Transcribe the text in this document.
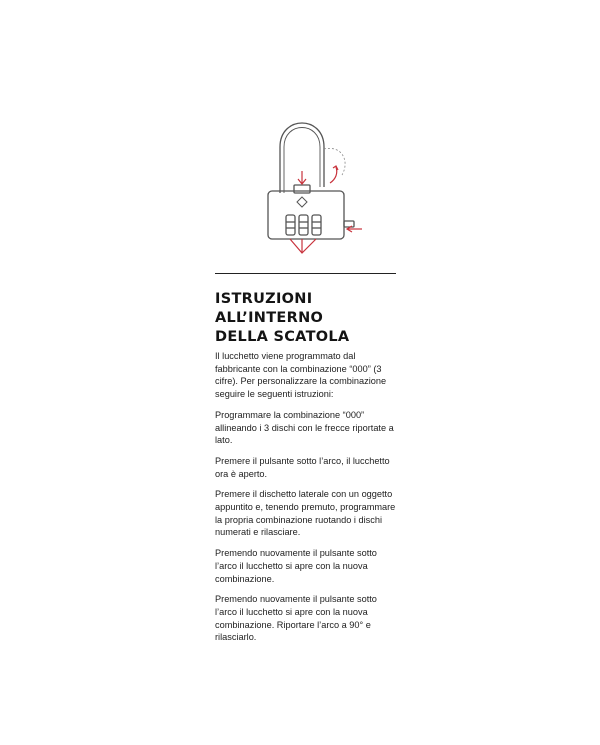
ISTRUZIONI
ALL’INTERNO
DELLA SCATOLA

Il lucchetto viene programmato dal fabbricante con la combinazione “000” (3 cifre). Per personalizzare la combinazione seguire le seguenti istruzioni:

Programmare la combinazione “000” allineando i 3 dischi con le frecce riportate a lato.

Premere il pulsante sotto l’arco, il lucchetto ora è aperto.

Premere il dischetto laterale con un oggetto appuntito e, tenendo premuto, programmare la propria combinazione ruotando i dischi numerati e rilasciare.

Premendo nuovamente il pulsante sotto l’arco il lucchetto si apre con la nuova combinazione.

Premendo nuovamente il pulsante sotto l’arco il lucchetto si apre con la nuova combinazione. Riportare l’arco a 90° e rilasciarlo.
